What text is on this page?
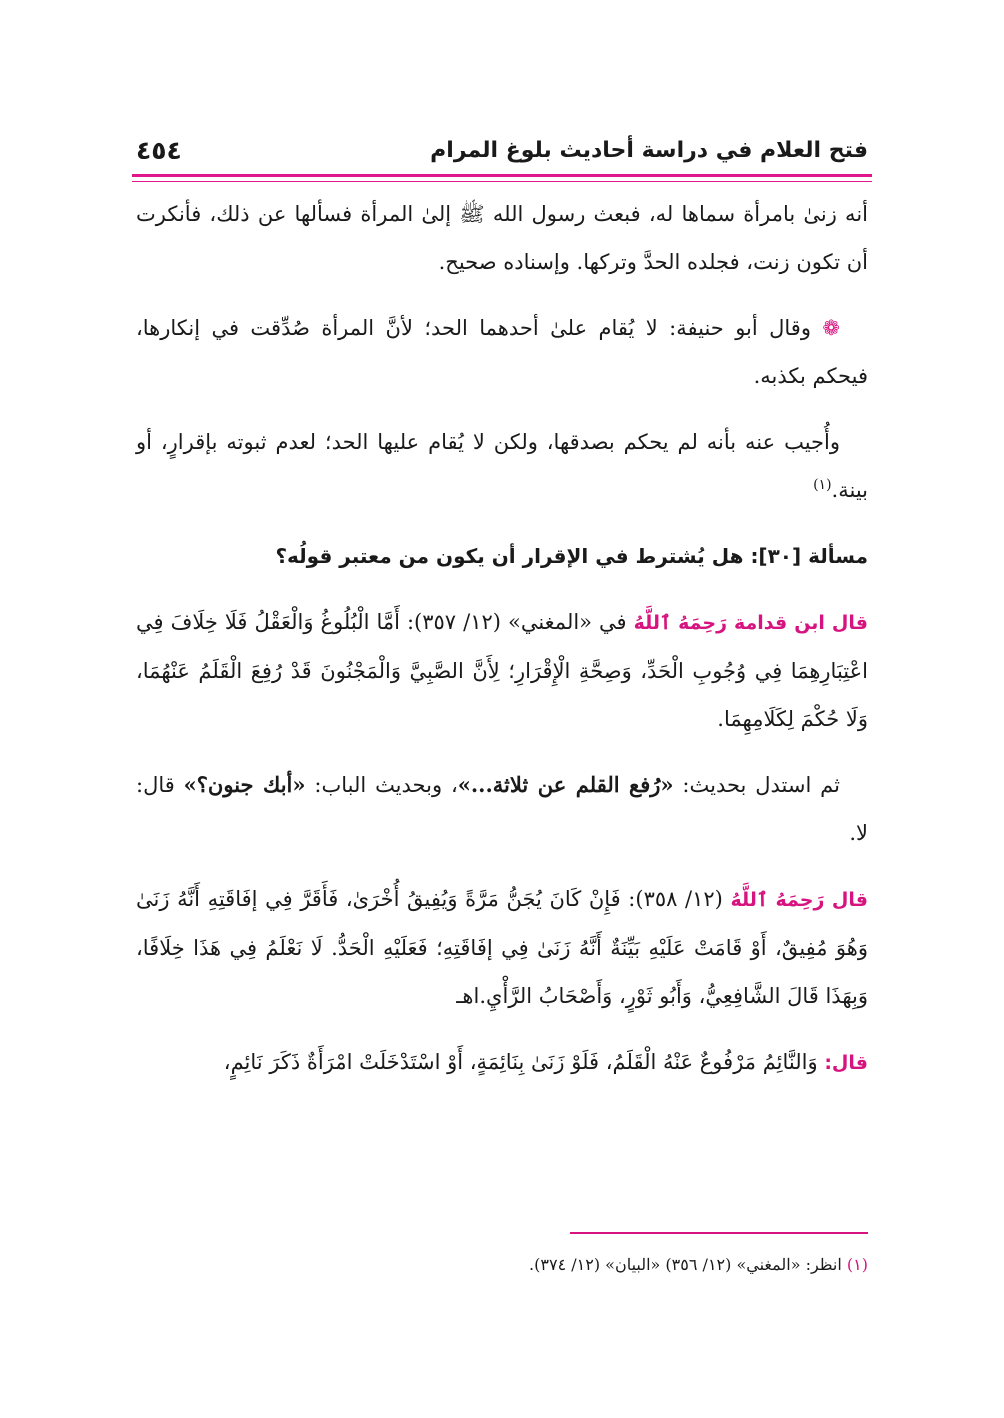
٤٥٤	فتح العلام في دراسة أحاديث بلوغ المرام

أنه زنىٰ بامرأة سماها له، فبعث رسول الله ﷺ إلىٰ المرأة فسألها عن ذلك، فأنكرت أن تكون زنت، فجلده الحدَّ وتركها. وإسناده صحيح.

❁ وقال أبو حنيفة: لا يُقام علىٰ أحدهما الحد؛ لأنَّ المرأة صُدِّقت في إنكارها، فيحكم بكذبه.

وأُجيب عنه بأنه لم يحكم بصدقها، ولكن لا يُقام عليها الحد؛ لعدم ثبوته بإقرارٍ، أو بينة.$^{(١)}$

مسألة [٣٠]: هل يُشترط في الإقرار أن يكون من معتبر قولُه؟

قال ابن قدامة رَحِمَهُ ٱللَّهُ في «المغني» (١٢/ ٣٥٧): أَمَّا الْبُلُوغُ وَالْعَقْلُ فَلَا خِلَافَ فِي اعْتِبَارِهِمَا فِي وُجُوبِ الْحَدِّ، وَصِحَّةِ الْإِقْرَارِ؛ لِأَنَّ الصَّبِيَّ وَالْمَجْنُونَ قَدْ رُفِعَ الْقَلَمُ عَنْهُمَا، وَلَا حُكْمَ لِكَلَامِهِمَا.

ثم استدل بحديث: «رُفع القلم عن ثلاثة...»، وبحديث الباب: «أبك جنون؟» قال: لا.

قال رَحِمَهُ ٱللَّهُ (١٢/ ٣٥٨): فَإِنْ كَانَ يُجَنُّ مَرَّةً وَيُفِيقُ أُخْرَىٰ، فَأَقَرَّ فِي إفَاقَتِهِ أَنَّهُ زَنَىٰ وَهُوَ مُفِيقٌ، أَوْ قَامَتْ عَلَيْهِ بَيِّنَةٌ أَنَّهُ زَنَىٰ فِي إفَاقَتِهِ؛ فَعَلَيْهِ الْحَدُّ. لَا نَعْلَمُ فِي هَذَا خِلَافًا، وَبِهَذَا قَالَ الشَّافِعِيُّ، وَأَبُو ثَوْرٍ، وَأَصْحَابُ الرَّأْيِ.اهـ

قال: وَالنَّائِمُ مَرْفُوعٌ عَنْهُ الْقَلَمُ، فَلَوْ زَنَىٰ بِنَائِمَةٍ، أَوْ اسْتَدْخَلَتْ امْرَأَةٌ ذَكَرَ نَائِمٍ،

(١) انظر: «المغني» (١٢/ ٣٥٦) «البيان» (١٢/ ٣٧٤).
